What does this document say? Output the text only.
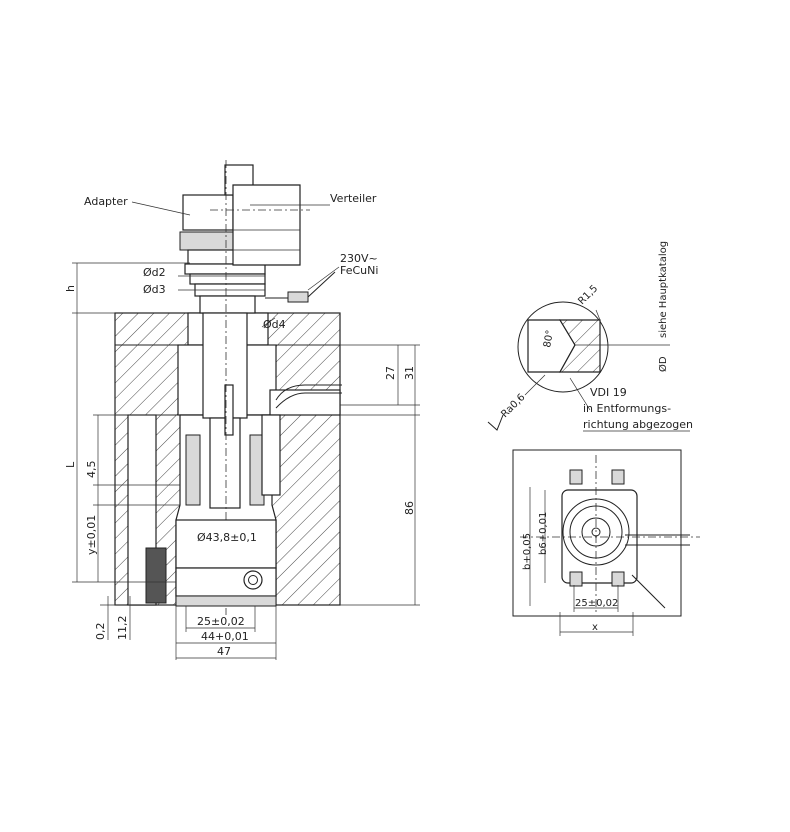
Adapter	Verteiler
Ød2
Ød3
Ød4
230V~
FeCuNi
h
L 4,5
y±0,01
27 31
86
Ø43,8±0,1
25±0,02
44+0,01
47
0,2 11,2
R1,5
80°
Ra0,6
ØD
siehe Hauptkatalog
VDI 19
in Entformungs-
richtung abgezogen
b+0,05 b6+0,01
25±0,02
x
